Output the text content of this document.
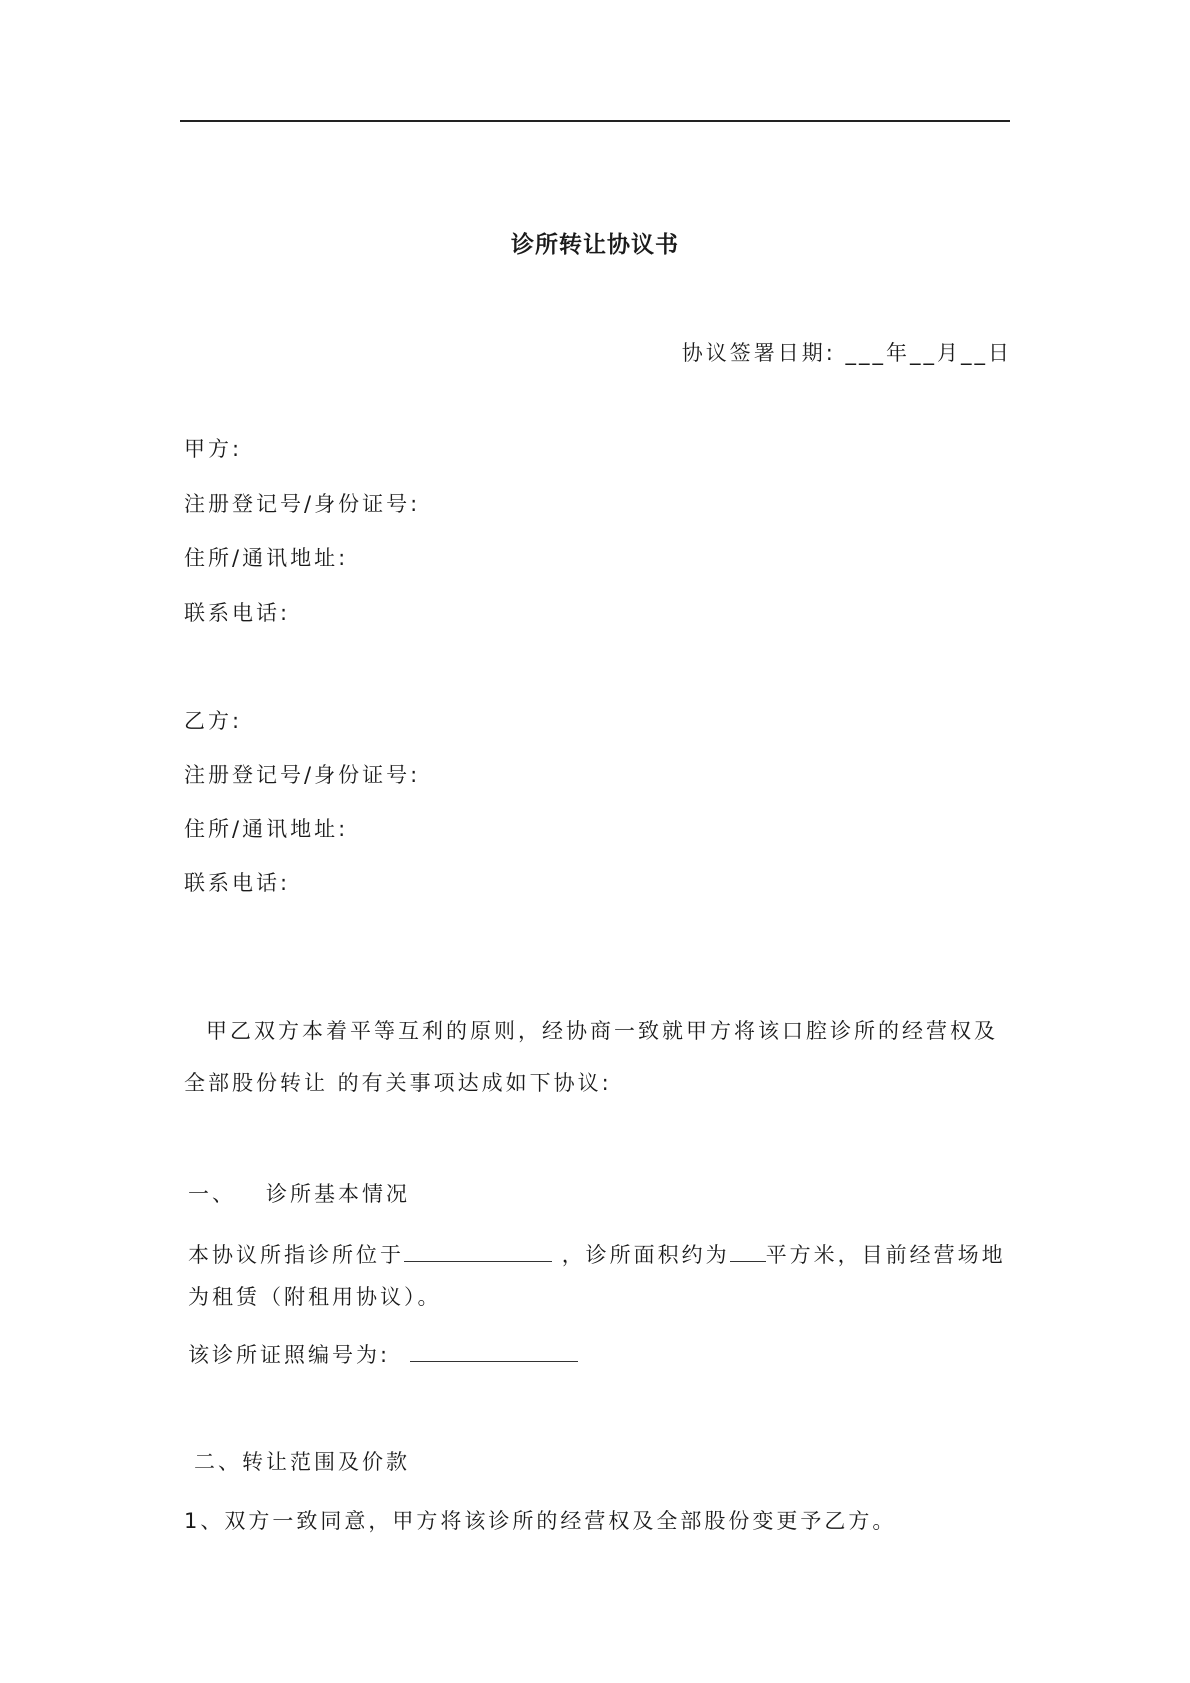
诊所转让协议书
协议签署日期: ___年__月__日
甲方:
注册登记号/身份证号:
住所/通讯地址:
联系电话:
乙方:
注册登记号/身份证号:
住所/通讯地址:
联系电话:
甲乙双方本着平等互利的原则，经协商一致就甲方将该口腔诊所的经营权及
全部股份转让 的有关事项达成如下协议:
一、 诊所基本情况
本协议所指诊所位于	，诊所面积约为 平方米，目前经营场地
为租赁（附租用协议）。
该诊所证照编号为:
二、转让范围及价款
1、双方一致同意，甲方将该诊所的经营权及全部股份变更予乙方。
